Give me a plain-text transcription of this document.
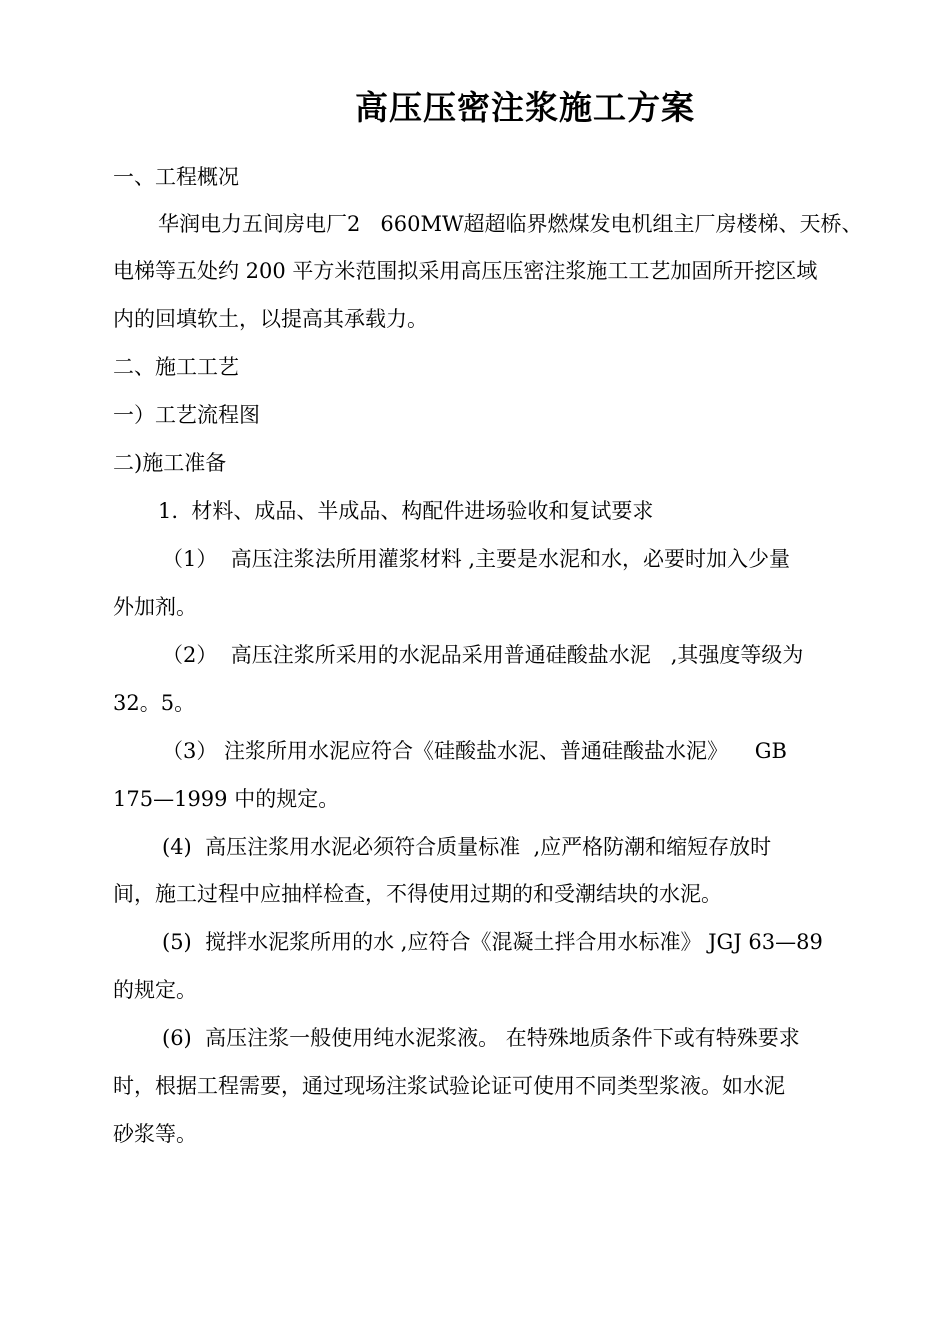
高压压密注浆施工方案
一、工程概况
华润电力五间房电厂2   660MW超超临界燃煤发电机组主厂房楼梯、天桥、
电梯等五处约 200 平方米范围拟采用高压压密注浆施工工艺加固所开挖区域
内的回填软土，以提高其承载力。
二、施工工艺
一）工艺流程图
二)施工准备
1.  材料、成品、半成品、构配件进场验收和复试要求
（1）  高压注浆法所用灌浆材料 ,主要是水泥和水，必要时加入少量
外加剂。
（2）  高压注浆所采用的水泥品采用普通硅酸盐水泥   ,其强度等级为
32。5。
（3） 注浆所用水泥应符合《硅酸盐水泥、普通硅酸盐水泥》    GB
175—1999 中的规定。
(4)  高压注浆用水泥必须符合质量标准  ,应严格防潮和缩短存放时
间，施工过程中应抽样检查，不得使用过期的和受潮结块的水泥。
(5)  搅拌水泥浆所用的水 ,应符合《混凝土拌合用水标准》 JGJ 63—89
的规定。
(6)  高压注浆一般使用纯水泥浆液。 在特殊地质条件下或有特殊要求
时，根据工程需要，通过现场注浆试验论证可使用不同类型浆液。如水泥
砂浆等。
